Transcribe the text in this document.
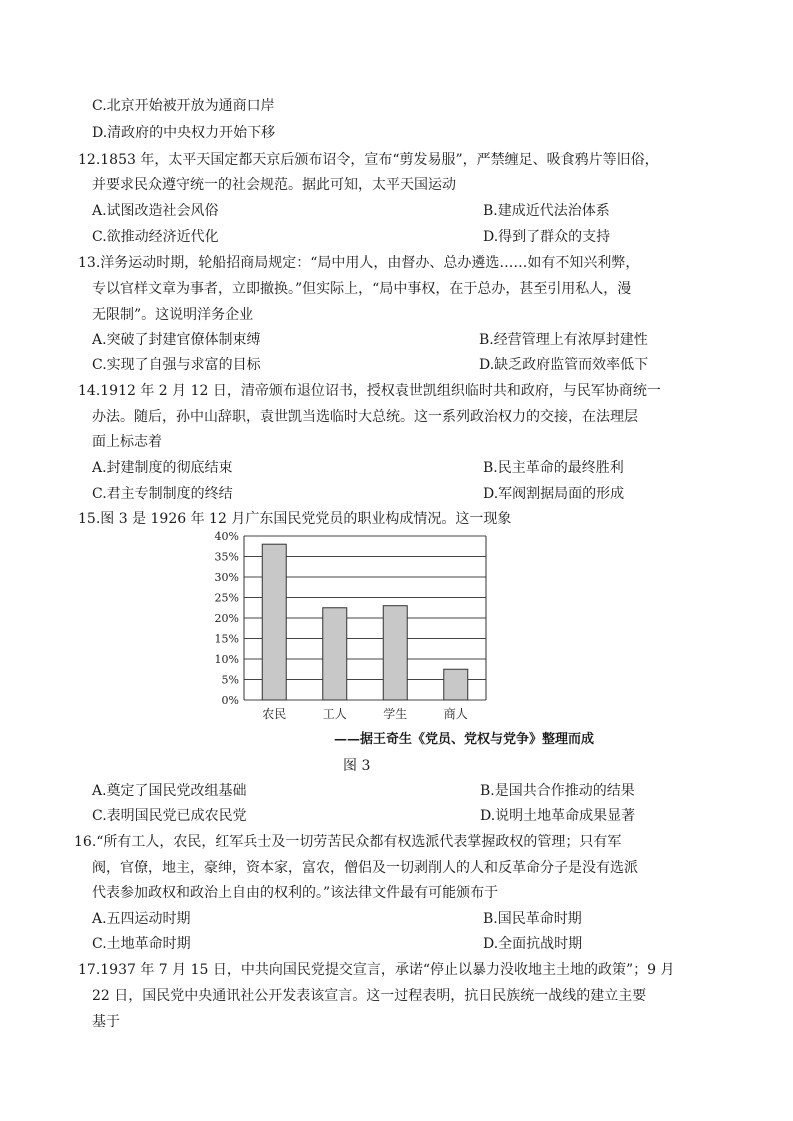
C.北京开始被开放为通商口岸
D.清政府的中央权力开始下移
12.1853 年，太平天国定都天京后颁布诏令，宣布“剪发易服”，严禁缠足、吸食鸦片等旧俗，
并要求民众遵守统一的社会规范。据此可知，太平天国运动
A.试图改造社会风俗	B.建成近代法治体系
C.欲推动经济近代化	D.得到了群众的支持
13.洋务运动时期，轮船招商局规定：“局中用人，由督办、总办遴选……如有不知兴利弊，
专以官样文章为事者，立即撤换。”但实际上，“局中事权，在于总办，甚至引用私人，漫
无限制”。这说明洋务企业
A.突破了封建官僚体制束缚	B.经营管理上有浓厚封建性
C.实现了自强与求富的目标	D.缺乏政府监管而效率低下
14.1912 年 2 月 12 日，清帝颁布退位诏书，授权袁世凯组织临时共和政府，与民军协商统一
办法。随后，孙中山辞职，袁世凯当选临时大总统。这一系列政治权力的交接，在法理层
面上标志着
A.封建制度的彻底结束	B.民主革命的最终胜利
C.君主专制制度的终结	D.军阀割据局面的形成
15.图 3 是 1926 年 12 月广东国民党党员的职业构成情况。这一现象
0%
5%
10%
15%
20%
25%
30%
35%
40%
农民	工人	学生	商人
——据王奇生《党员、党权与党争》整理而成
图 3
A.奠定了国民党改组基础	B.是国共合作推动的结果
C.表明国民党已成农民党	D.说明土地革命成果显著
16.“所有工人，农民，红军兵士及一切劳苦民众都有权选派代表掌握政权的管理；只有军
阀，官僚，地主，豪绅，资本家，富农，僧侣及一切剥削人的人和反革命分子是没有选派
代表参加政权和政治上自由的权利的。”该法律文件最有可能颁布于
A.五四运动时期	B.国民革命时期
C.土地革命时期	D.全面抗战时期
17.1937 年 7 月 15 日，中共向国民党提交宣言，承诺“停止以暴力没收地主土地的政策”；9 月
22 日，国民党中央通讯社公开发表该宣言。这一过程表明，抗日民族统一战线的建立主要
基于
